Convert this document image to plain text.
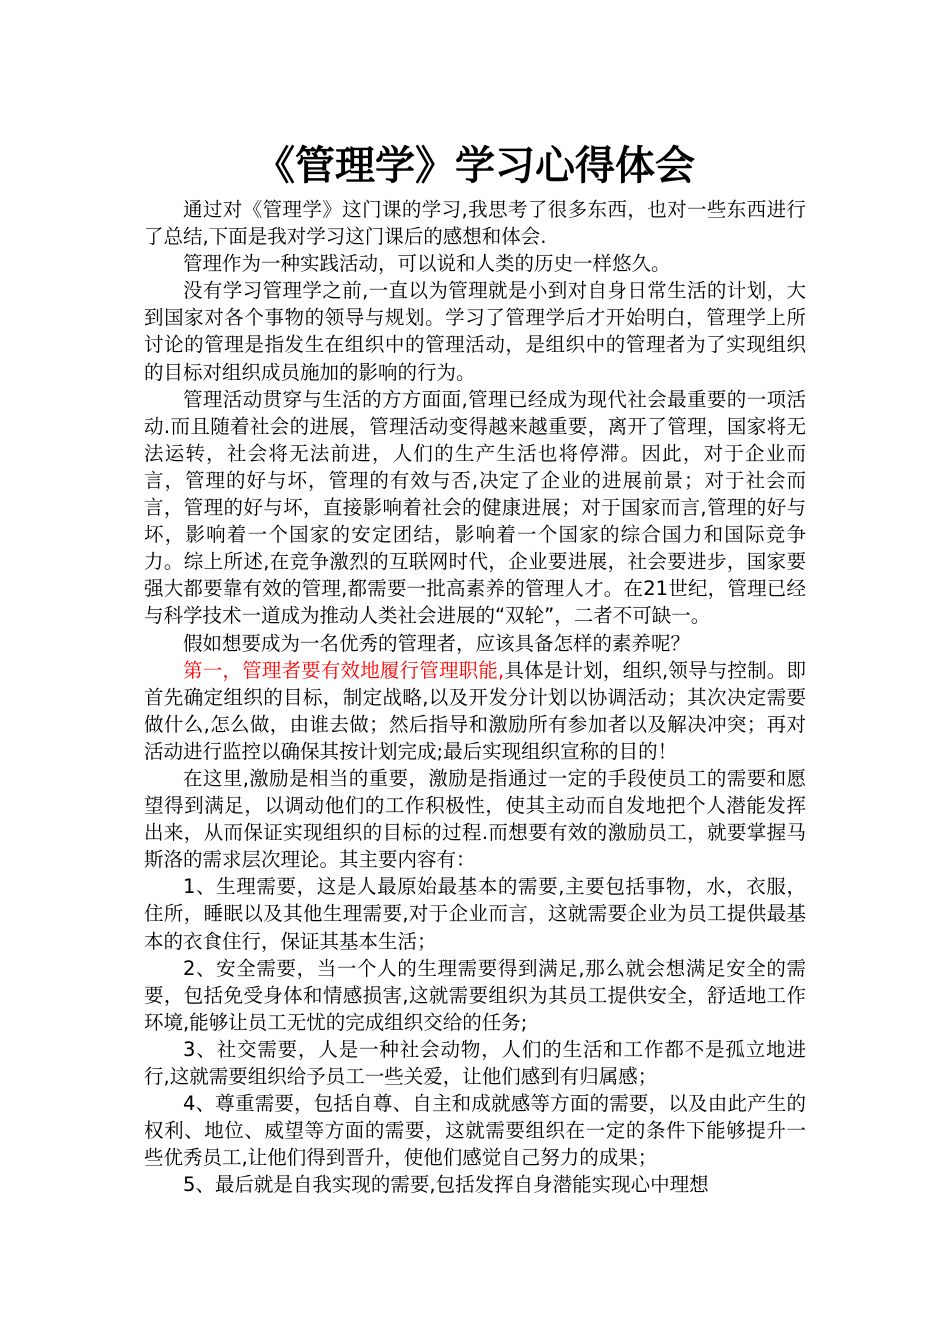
《管理学》学习心得体会

通过对《管理学》这门课的学习,我思考了很多东西，也对一些东西进行了总结,下面是我对学习这门课后的感想和体会.

管理作为一种实践活动，可以说和人类的历史一样悠久。

没有学习管理学之前,一直以为管理就是小到对自身日常生活的计划，大到国家对各个事物的领导与规划。学习了管理学后才开始明白，管理学上所讨论的管理是指发生在组织中的管理活动，是组织中的管理者为了实现组织的目标对组织成员施加的影响的行为。

管理活动贯穿与生活的方方面面,管理已经成为现代社会最重要的一项活动.而且随着社会的进展，管理活动变得越来越重要，离开了管理，国家将无法运转，社会将无法前进，人们的生产生活也将停滞。因此，对于企业而言，管理的好与坏，管理的有效与否,决定了企业的进展前景；对于社会而言，管理的好与坏，直接影响着社会的健康进展；对于国家而言,管理的好与坏，影响着一个国家的安定团结，影响着一个国家的综合国力和国际竞争力。综上所述,在竞争激烈的互联网时代，企业要进展，社会要进步，国家要强大都要靠有效的管理,都需要一批高素养的管理人才。在21世纪，管理已经与科学技术一道成为推动人类社会进展的“双轮”，二者不可缺一。

假如想要成为一名优秀的管理者，应该具备怎样的素养呢？

第一，管理者要有效地履行管理职能,具体是计划，组织,领导与控制。即首先确定组织的目标，制定战略,以及开发分计划以协调活动；其次决定需要做什么,怎么做，由谁去做；然后指导和激励所有参加者以及解决冲突；再对活动进行监控以确保其按计划完成;最后实现组织宣称的目的！

在这里,激励是相当的重要，激励是指通过一定的手段使员工的需要和愿望得到满足，以调动他们的工作积极性，使其主动而自发地把个人潜能发挥出来，从而保证实现组织的目标的过程.而想要有效的激励员工，就要掌握马斯洛的需求层次理论。其主要内容有：

1、生理需要，这是人最原始最基本的需要,主要包括事物，水，衣服，住所，睡眠以及其他生理需要,对于企业而言，这就需要企业为员工提供最基本的衣食住行，保证其基本生活；

2、安全需要，当一个人的生理需要得到满足,那么就会想满足安全的需要，包括免受身体和情感损害,这就需要组织为其员工提供安全，舒适地工作环境,能够让员工无忧的完成组织交给的任务;

3、社交需要，人是一种社会动物，人们的生活和工作都不是孤立地进行,这就需要组织给予员工一些关爱，让他们感到有归属感；

4、尊重需要，包括自尊、自主和成就感等方面的需要，以及由此产生的权利、地位、威望等方面的需要，这就需要组织在一定的条件下能够提升一些优秀员工,让他们得到晋升，使他们感觉自己努力的成果；

5、最后就是自我实现的需要,包括发挥自身潜能实现心中理想
